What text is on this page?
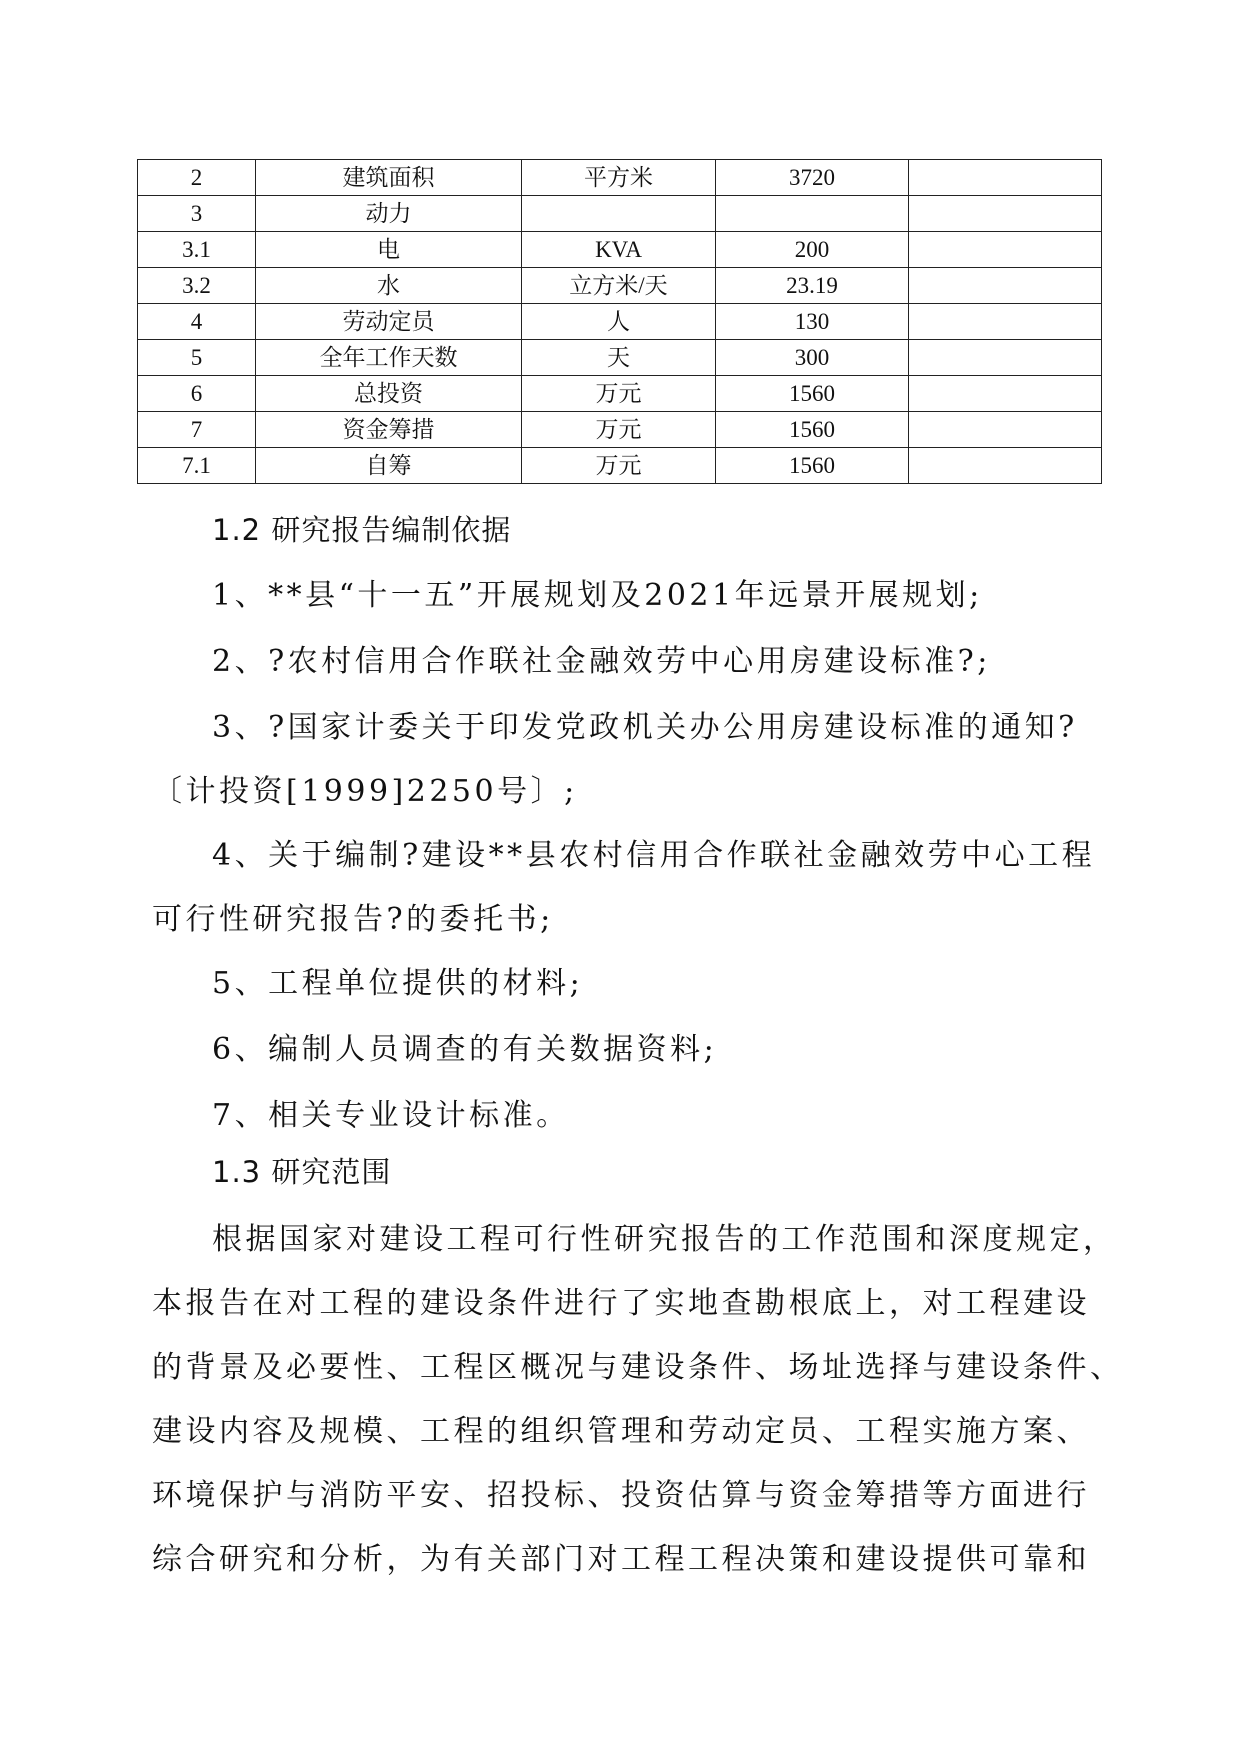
2	建筑面积	平方米	3720	
3	动力			
3.1	电	KVA	200	
3.2	水	立方米/天	23.19	
4	劳动定员	人	130	
5	全年工作天数	天	300	
6	总投资	万元	1560	
7	资金筹措	万元	1560	
7.1	自筹	万元	1560	

1.2 研究报告编制依据

1、**县“十一五”开展规划及2021年远景开展规划;

2、?农村信用合作联社金融效劳中心用房建设标准?;

3、?国家计委关于印发党政机关办公用房建设标准的通知?

〔计投资[1999]2250号〕;

4、关于编制?建设**县农村信用合作联社金融效劳中心工程

可行性研究报告?的委托书;

5、工程单位提供的材料;

6、编制人员调查的有关数据资料;

7、相关专业设计标准。

1.3 研究范围

根据国家对建设工程可行性研究报告的工作范围和深度规定，

本报告在对工程的建设条件进行了实地查勘根底上，对工程建设

的背景及必要性、工程区概况与建设条件、场址选择与建设条件、

建设内容及规模、工程的组织管理和劳动定员、工程实施方案、

环境保护与消防平安、招投标、投资估算与资金筹措等方面进行

综合研究和分析，为有关部门对工程工程决策和建设提供可靠和
